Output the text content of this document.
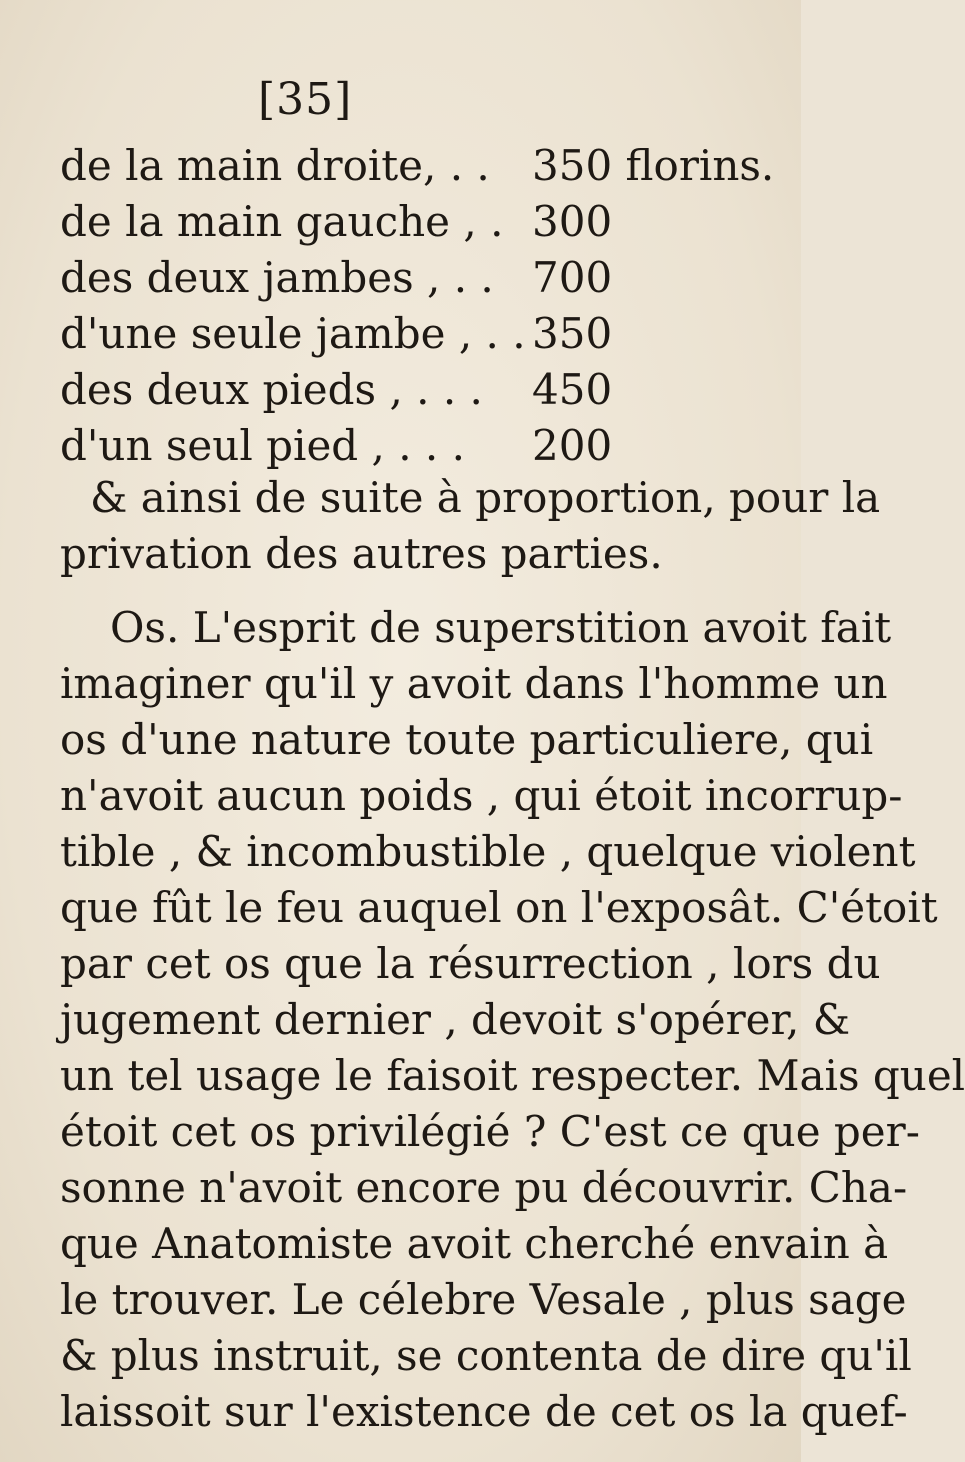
[35]
de la main droite, . . 350 florins.
de la main gauche , . 300
des deux jambes , . . 700
d'une seule jambe , . . 350
des deux pieds , . . . 450
d'un seul pied , . . . 200
& ainsi de suite à proportion, pour la
privation des autres parties.
Os. L'esprit de superstition avoit fait
imaginer qu'il y avoit dans l'homme un
os d'une nature toute particuliere, qui
n'avoit aucun poids , qui étoit incorrup-
tible , & incombustible , quelque violent
que fût le feu auquel on l'exposât. C'étoit
par cet os que la résurrection , lors du
jugement dernier , devoit s'opérer, &
un tel usage le faisoit respecter. Mais quel
étoit cet os privilégié ? C'est ce que per-
sonne n'avoit encore pu découvrir. Cha-
que Anatomiste avoit cherché envain à
le trouver. Le célebre Vesale , plus sage
& plus instruit, se contenta de dire qu'il
laissoit sur l'existence de cet os la quef-
